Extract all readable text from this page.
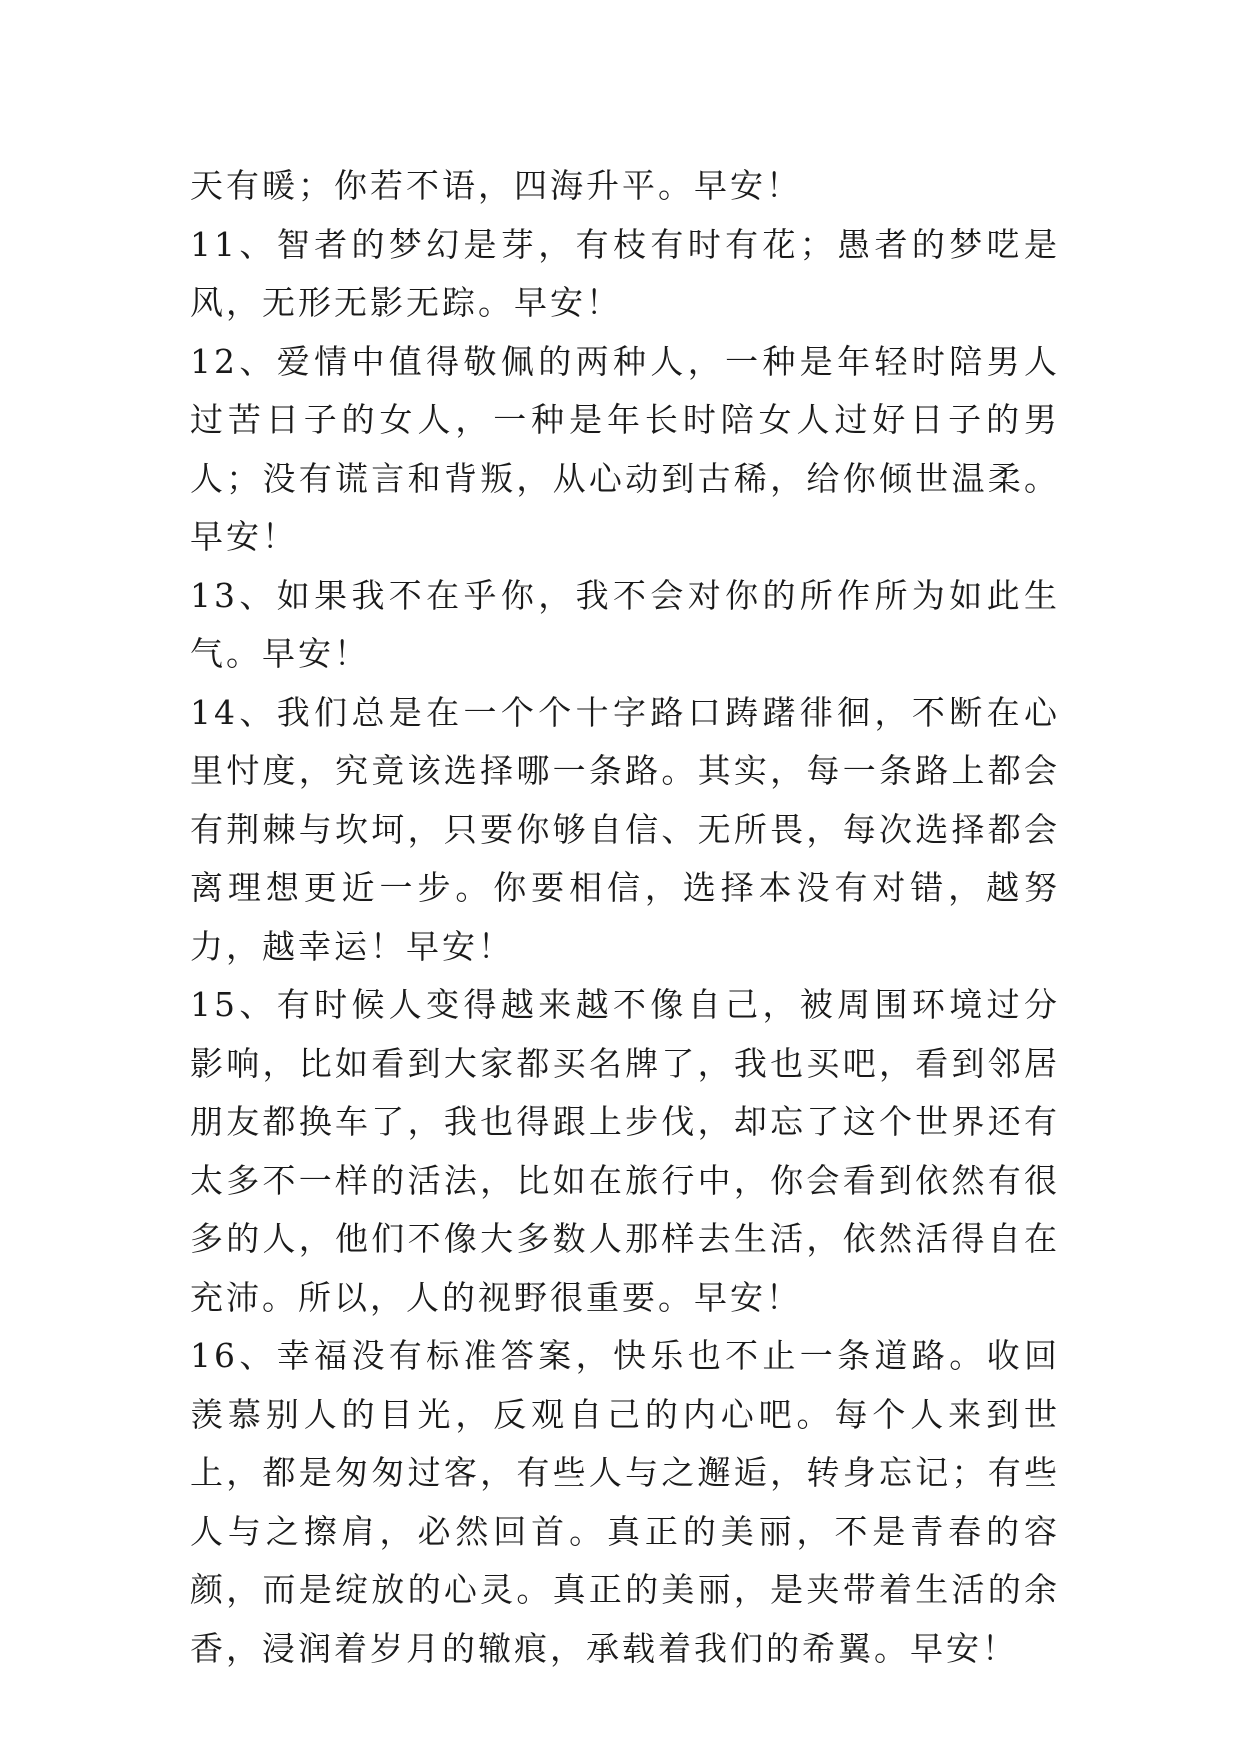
天有暖；你若不语，四海升平。早安！

11、智者的梦幻是芽，有枝有时有花；愚者的梦呓是风，无形无影无踪。早安！

12、爱情中值得敬佩的两种人，一种是年轻时陪男人过苦日子的女人，一种是年长时陪女人过好日子的男人；没有谎言和背叛，从心动到古稀，给你倾世温柔。早安！

13、如果我不在乎你，我不会对你的所作所为如此生气。早安！

14、我们总是在一个个十字路口踌躇徘徊，不断在心里忖度，究竟该选择哪一条路。其实，每一条路上都会有荆棘与坎坷，只要你够自信、无所畏，每次选择都会离理想更近一步。你要相信，选择本没有对错，越努力，越幸运！早安！

15、有时候人变得越来越不像自己，被周围环境过分影响，比如看到大家都买名牌了，我也买吧，看到邻居朋友都换车了，我也得跟上步伐，却忘了这个世界还有太多不一样的活法，比如在旅行中，你会看到依然有很多的人，他们不像大多数人那样去生活，依然活得自在充沛。所以，人的视野很重要。早安！

16、幸福没有标准答案，快乐也不止一条道路。收回羡慕别人的目光，反观自己的内心吧。每个人来到世上，都是匆匆过客，有些人与之邂逅，转身忘记；有些人与之擦肩，必然回首。真正的美丽，不是青春的容颜，而是绽放的心灵。真正的美丽，是夹带着生活的余香，浸润着岁月的辙痕，承载着我们的希翼。早安！
